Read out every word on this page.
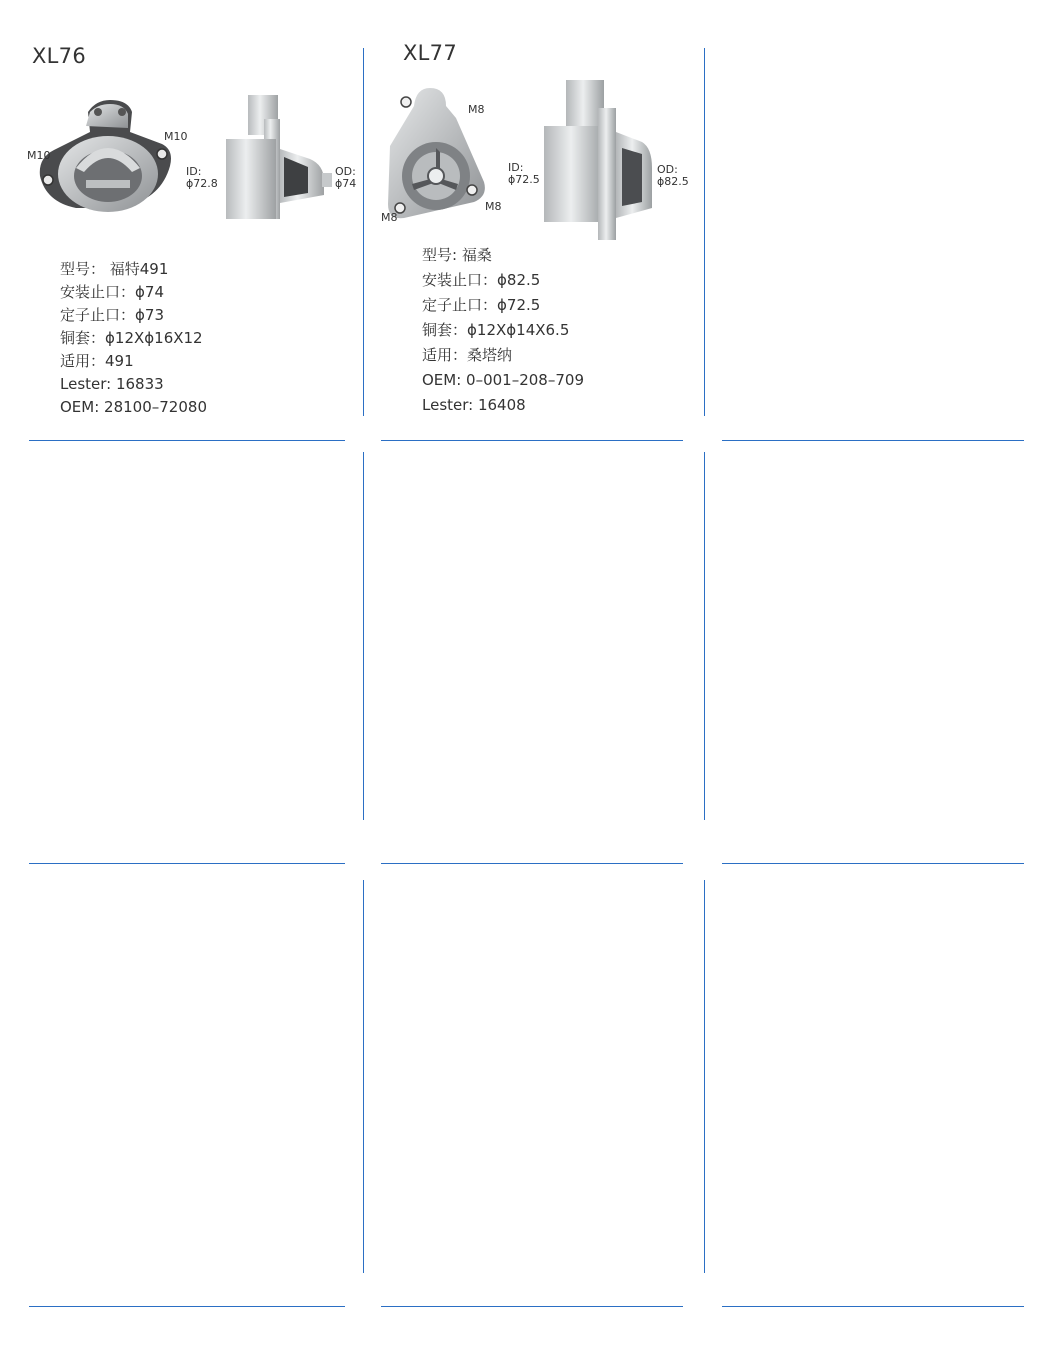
XL76
M10
M10
ID:
ϕ72.8
OD:
ϕ74
型号： 福特491
安装止口：ϕ74
定子止口：ϕ73
铜套：ϕ12Xϕ16X12
适用：491
Lester: 16833
OEM: 28100–72080
XL77
M8
M8
M8
ID:
ϕ72.5
OD:
ϕ82.5
型号: 福桑
安装止口：ϕ82.5
定子止口：ϕ72.5
铜套：ϕ12Xϕ14X6.5
适用：桑塔纳
OEM: 0–001–208–709
Lester: 16408
